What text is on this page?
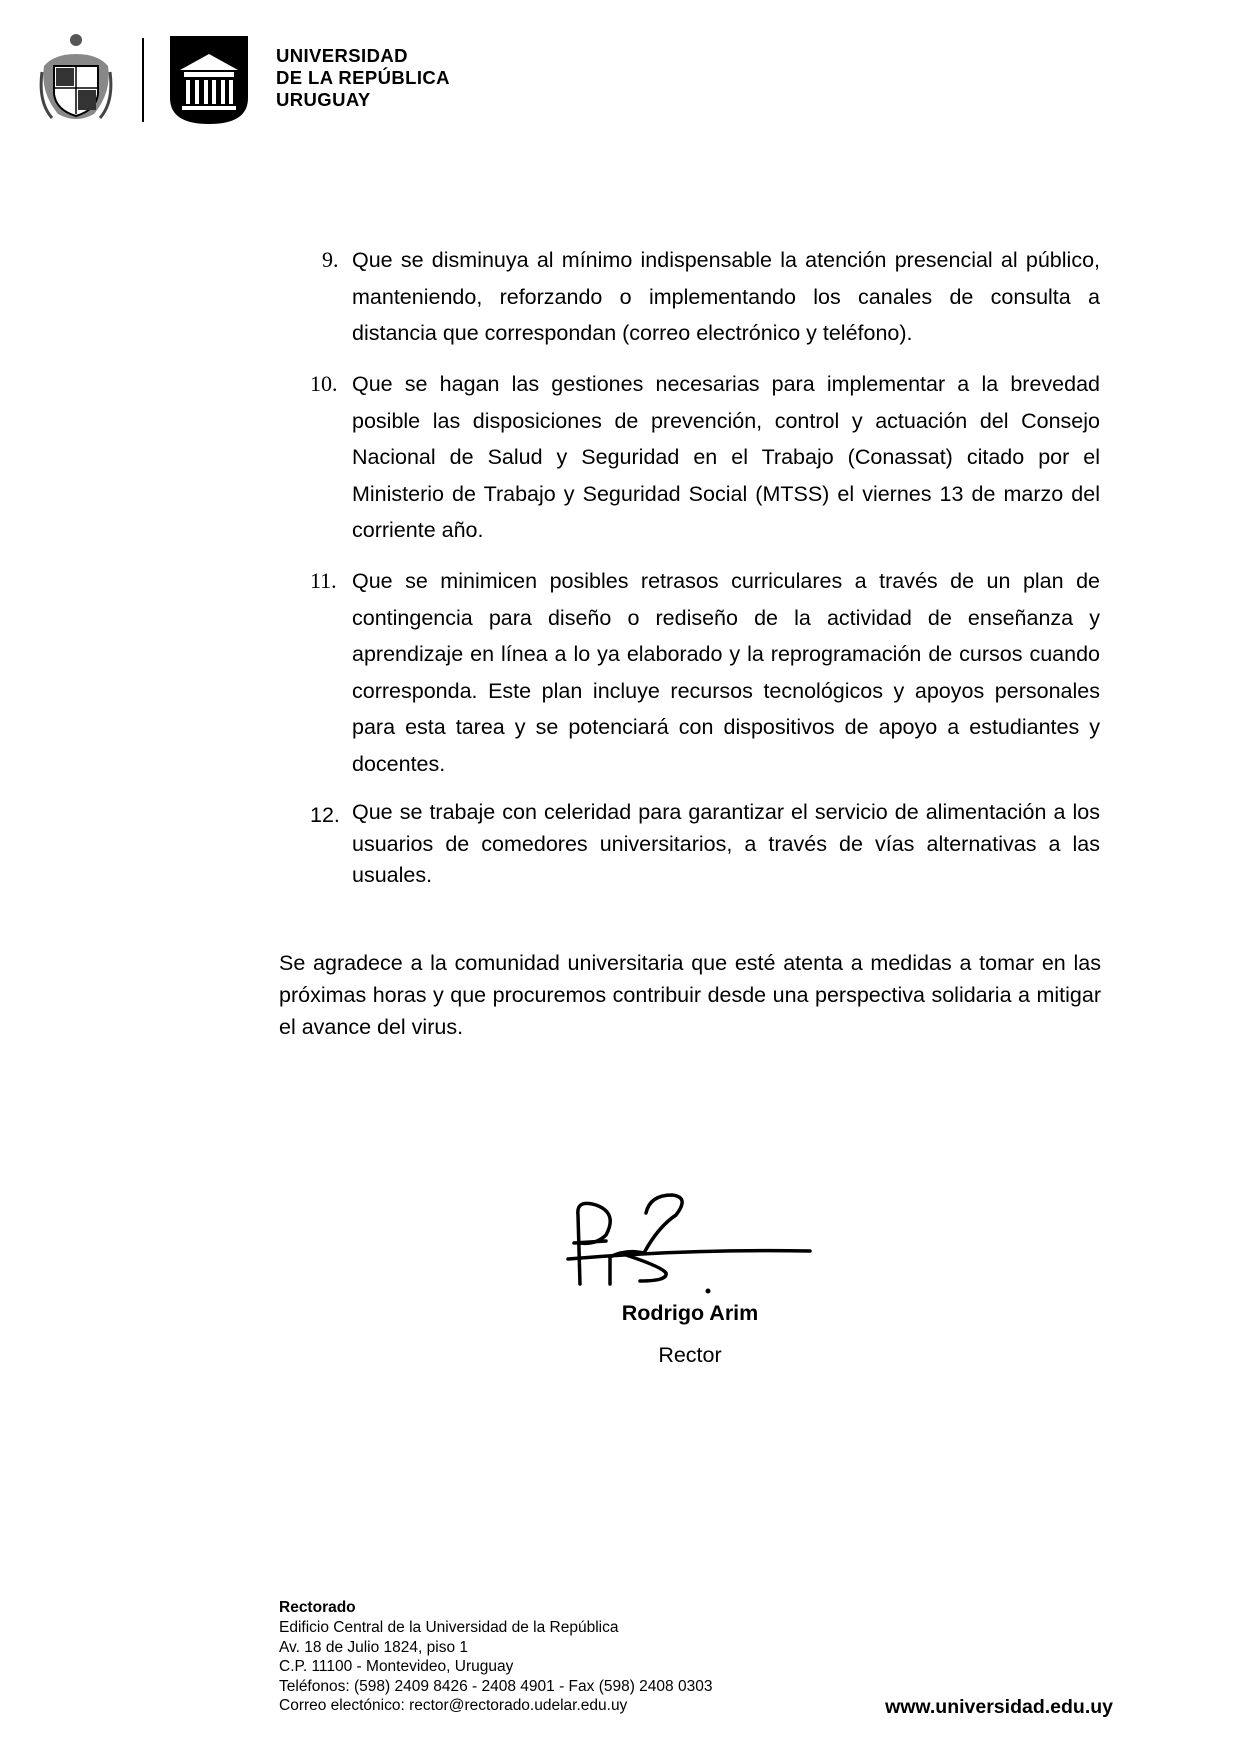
UNIVERSIDAD
DE LA REPÚBLICA
URUGUAY
9. Que se disminuya al mínimo indispensable la atención presencial al público, manteniendo, reforzando o implementando los canales de consulta a distancia que correspondan (correo electrónico y teléfono).
10. Que se hagan las gestiones necesarias para implementar a la brevedad posible las disposiciones de prevención, control y actuación del Consejo Nacional de Salud y Seguridad en el Trabajo (Conassat) citado por el Ministerio de Trabajo y Seguridad Social (MTSS) el viernes 13 de marzo del corriente año.
11. Que se minimicen posibles retrasos curriculares a través de un plan de contingencia para diseño o rediseño de la actividad de enseñanza y aprendizaje en línea a lo ya elaborado y la reprogramación de cursos cuando corresponda. Este plan incluye recursos tecnológicos y apoyos personales para esta tarea y se potenciará con dispositivos de apoyo a estudiantes y docentes.
12. Que se trabaje con celeridad para garantizar el servicio de alimentación a los usuarios de comedores universitarios, a través de vías alternativas a las usuales.
Se agradece a la comunidad universitaria que esté atenta a medidas a tomar en las próximas horas y que procuremos contribuir desde una perspectiva solidaria a mitigar el avance del virus.
Rodrigo Arim
Rector
Rectorado
Edificio Central de la Universidad de la República
Av. 18 de Julio 1824, piso 1
C.P. 11100 - Montevideo, Uruguay
Teléfonos: (598) 2409 8426 - 2408 4901 - Fax (598) 2408 0303
Correo electónico: rector@rectorado.udelar.edu.uy	www.universidad.edu.uy
